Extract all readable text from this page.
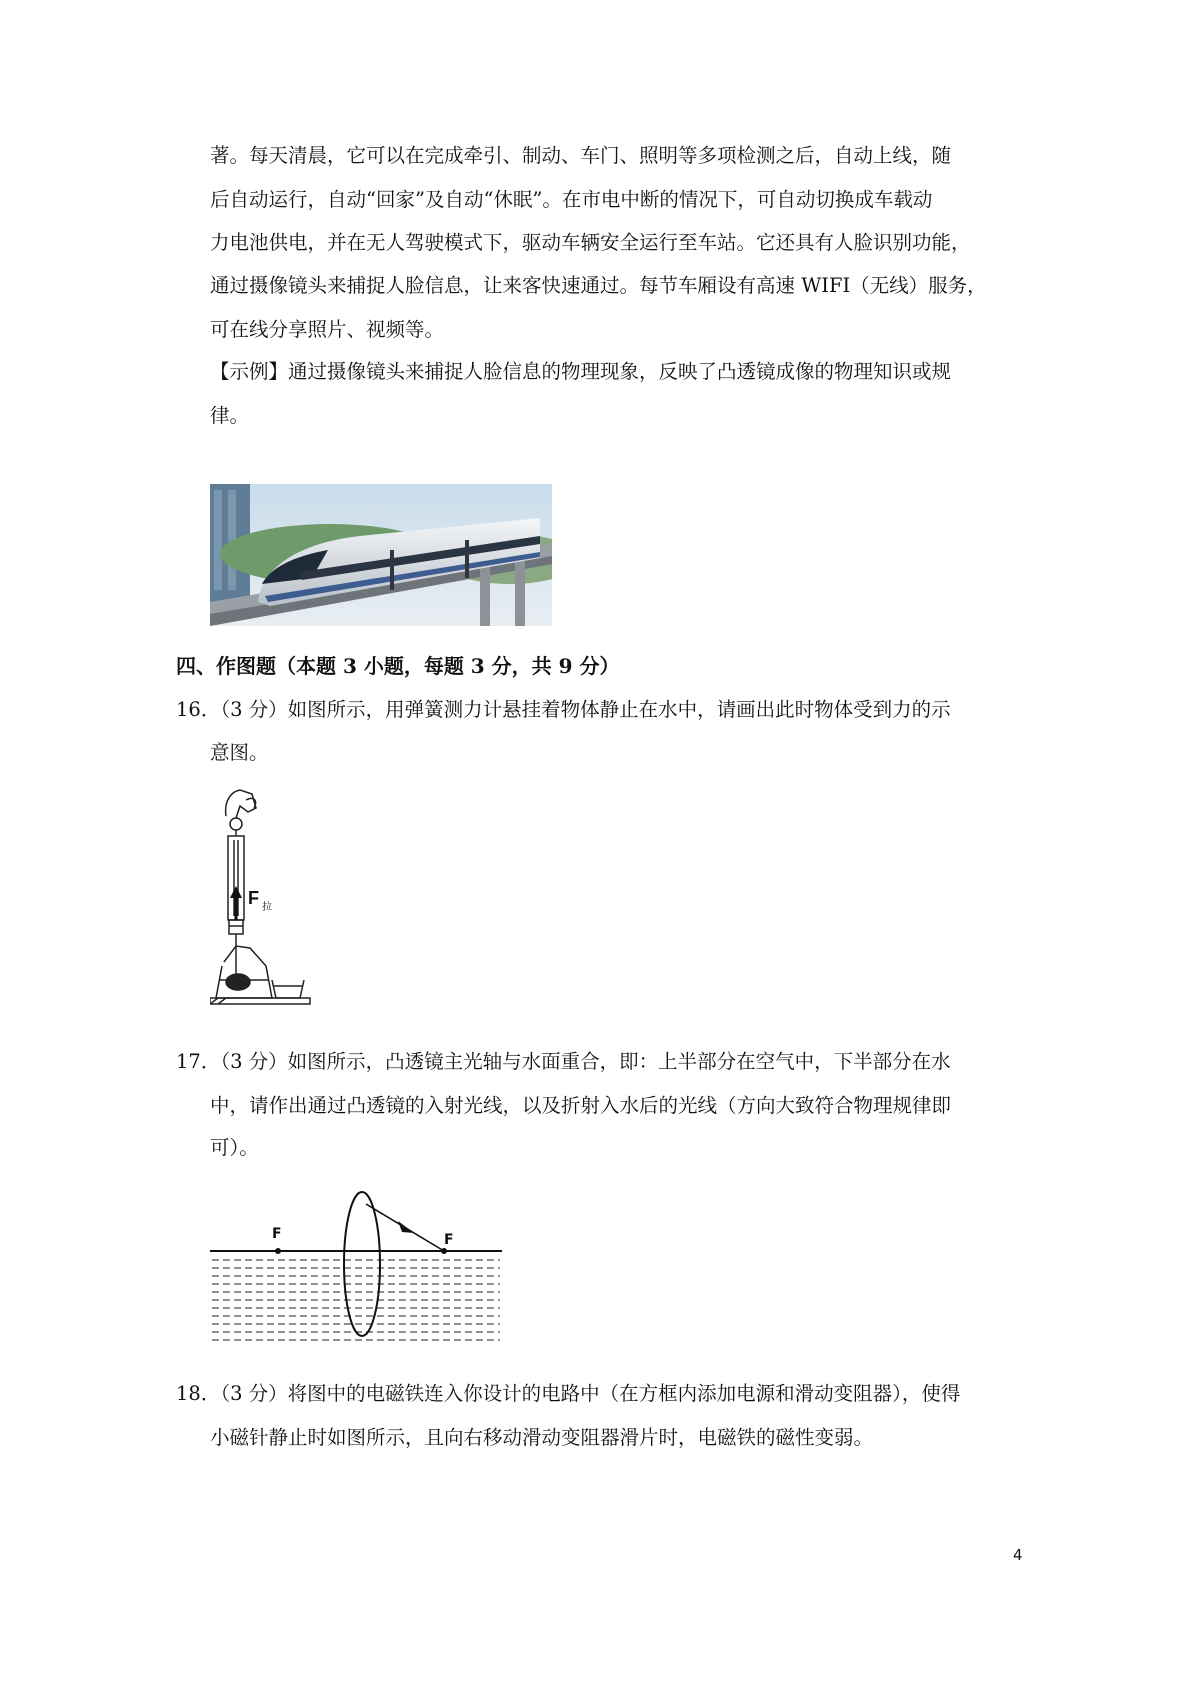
著。每天清晨，它可以在完成牵引、制动、车门、照明等多项检测之后，自动上线，随
后自动运行，自动“回家”及自动“休眠”。在市电中断的情况下，可自动切换成车载动
力电池供电，并在无人驾驶模式下，驱动车辆安全运行至车站。它还具有人脸识别功能，
通过摄像镜头来捕捉人脸信息，让来客快速通过。每节车厢设有高速 WIFI（无线）服务，
可在线分享照片、视频等。
【示例】通过摄像镜头来捕捉人脸信息的物理现象，反映了凸透镜成像的物理知识或规
律。
四、作图题（本题 3 小题，每题 3 分，共 9 分）
16．（3 分）如图所示，用弹簧测力计悬挂着物体静止在水中，请画出此时物体受到力的示
意图。
F 拉
17．（3 分）如图所示，凸透镜主光轴与水面重合，即：上半部分在空气中，下半部分在水
中，请作出通过凸透镜的入射光线，以及折射入水后的光线（方向大致符合物理规律即
可）。
F	F
18．（3 分）将图中的电磁铁连入你设计的电路中（在方框内添加电源和滑动变阻器），使得
小磁针静止时如图所示，且向右移动滑动变阻器滑片时，电磁铁的磁性变弱。
4
